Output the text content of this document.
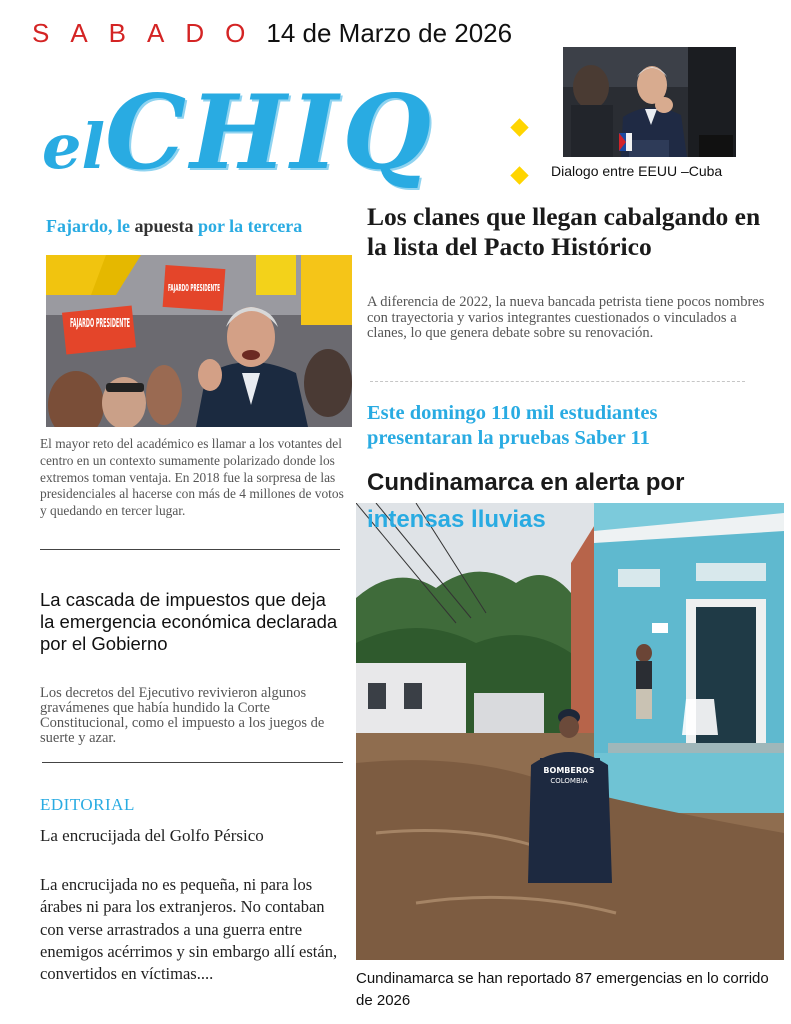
SABADO14 de Marzo de 2026
elCHIQ	Dialogo entre EEUU –Cuba
Fajardo, le apuesta por la tercera
FAJARDO PRESIDENTE
FAJARDO PRESIDENTE
El mayor reto del académico es llamar a los votantes del centro en un contexto sumamente polarizado donde los extremos toman ventaja. En 2018 fue la sorpresa de las presidenciales al hacerse con más de 4 millones de votos y quedando en tercer lugar.
La cascada de impuestos que deja la emergencia económica declarada por el Gobierno
Los decretos del Ejecutivo revivieron algunos gravámenes que había hundido la Corte Constitucional, como el impuesto a los juegos de suerte y azar.
EDITORIAL
La encrucijada del Golfo Pérsico
La encrucijada no es pequeña, ni para los árabes ni para los extranjeros. No contaban con verse arrastrados a una guerra entre enemigos acérrimos y sin embargo allí están, convertidos en víctimas....
Los clanes que llegan cabalgando en la lista del Pacto Histórico
A diferencia de 2022, la nueva bancada petrista tiene pocos nombres con trayectoria y varios integrantes cuestionados o vinculados a clanes, lo que genera debate sobre su renovación.
Este domingo 110 mil estudiantes presentaran la pruebas Saber 11
Cundinamarca en alerta por
BOMBEROS
COLOMBIA
intensas lluvias
Cundinamarca se han reportado 87 emergencias en lo corrido de 2026
